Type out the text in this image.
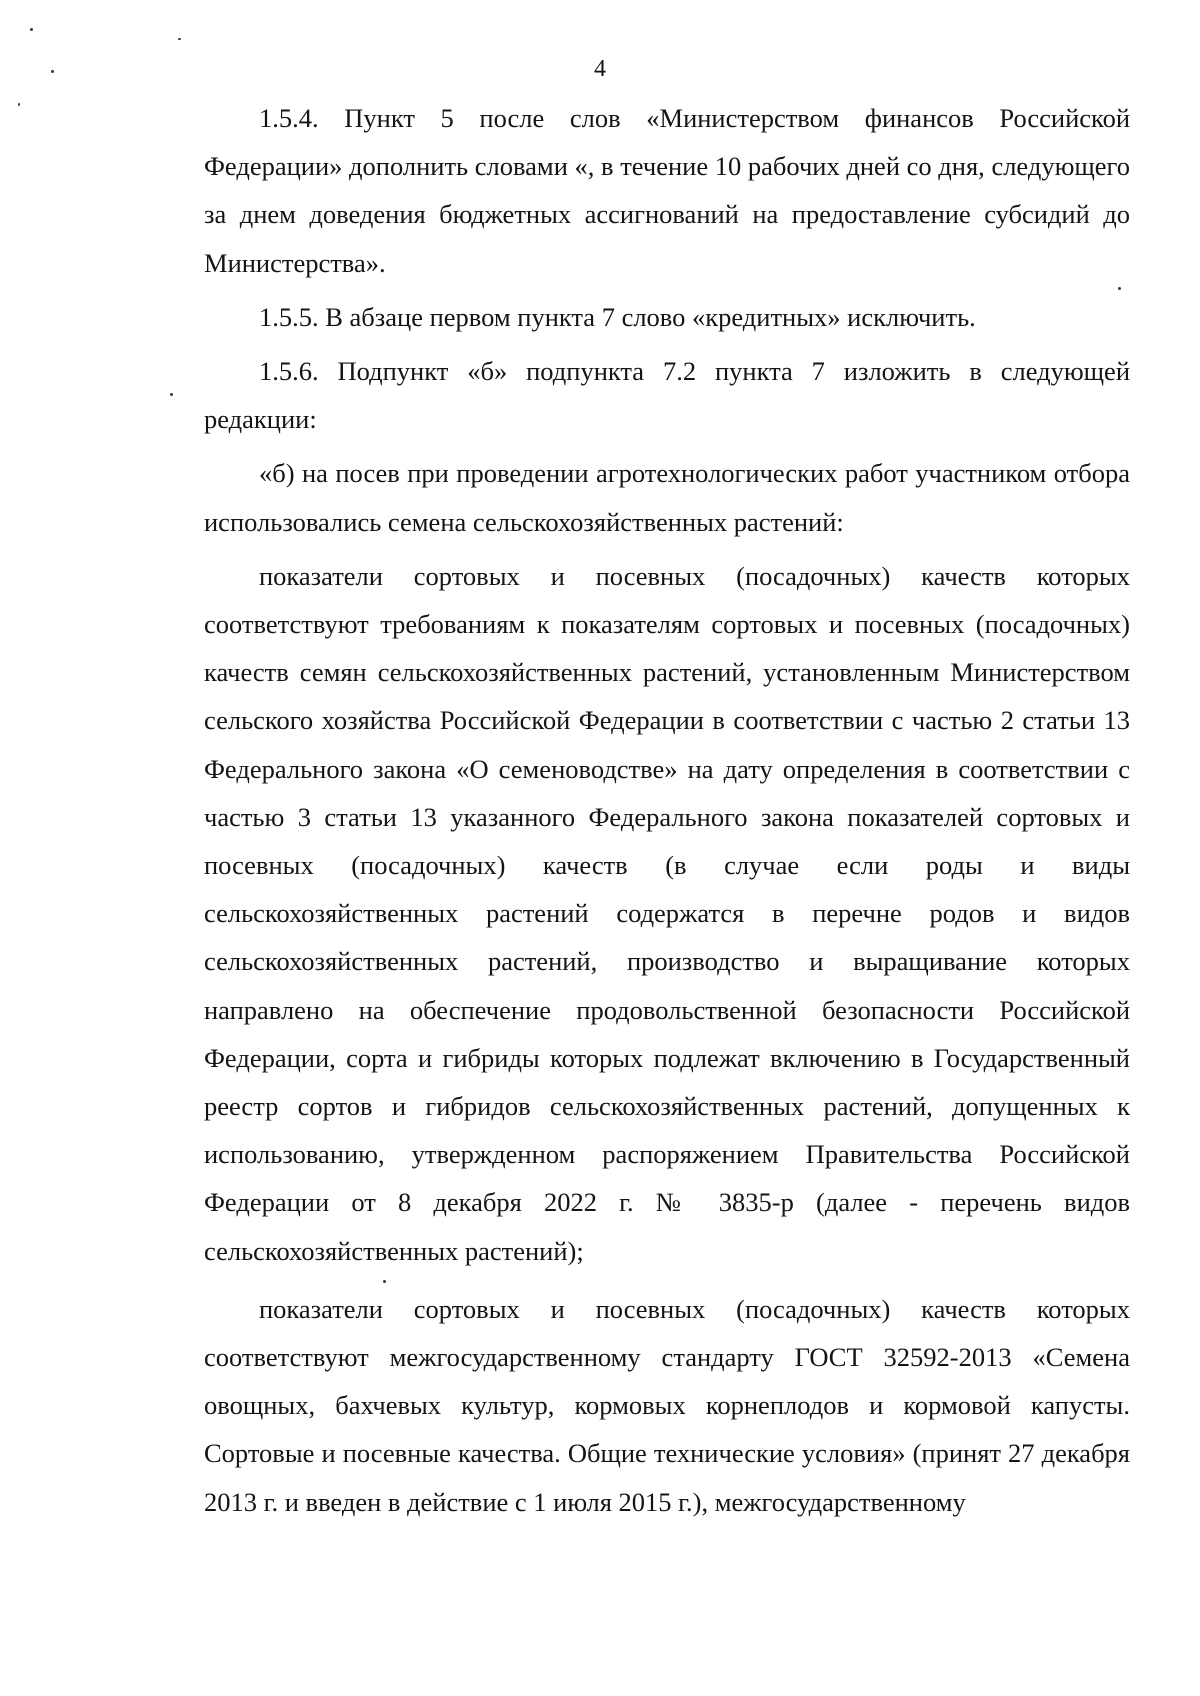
4

1.5.4. Пункт 5 после слов «Министерством финансов Российской Федерации» дополнить словами «, в течение 10 рабочих дней со дня, следующего за днем доведения бюджетных ассигнований на предоставление субсидий до Министерства».

1.5.5. В абзаце первом пункта 7 слово «кредитных» исключить.

1.5.6. Подпункт «б» подпункта 7.2 пункта 7 изложить в следующей редакции:

«б) на посев при проведении агротехнологических работ участником отбора использовались семена сельскохозяйственных растений:

показатели сортовых и посевных (посадочных) качеств которых соответствуют требованиям к показателям сортовых и посевных (посадочных) качеств семян сельскохозяйственных растений, установленным Министерством сельского хозяйства Российской Федерации в соответствии с частью 2 статьи 13 Федерального закона «О семеноводстве» на дату определения в соответствии с частью 3 статьи 13 указанного Федерального закона показателей сортовых и посевных (посадочных) качеств (в случае если роды и виды сельскохозяйственных растений содержатся в перечне родов и видов сельскохозяйственных растений, производство и выращивание которых направлено на обеспечение продовольственной безопасности Российской Федерации, сорта и гибриды которых подлежат включению в Государственный реестр сортов и гибридов сельскохозяйственных растений, допущенных к использованию, утвержденном распоряжением Правительства Российской Федерации от 8 декабря 2022 г. № 3835-р (далее - перечень видов сельскохозяйственных растений);

показатели сортовых и посевных (посадочных) качеств которых соответствуют межгосударственному стандарту ГОСТ 32592-2013 «Семена овощных, бахчевых культур, кормовых корнеплодов и кормовой капусты. Сортовые и посевные качества. Общие технические условия» (принят 27 декабря 2013 г. и введен в действие с 1 июля 2015 г.), межгосударственному
